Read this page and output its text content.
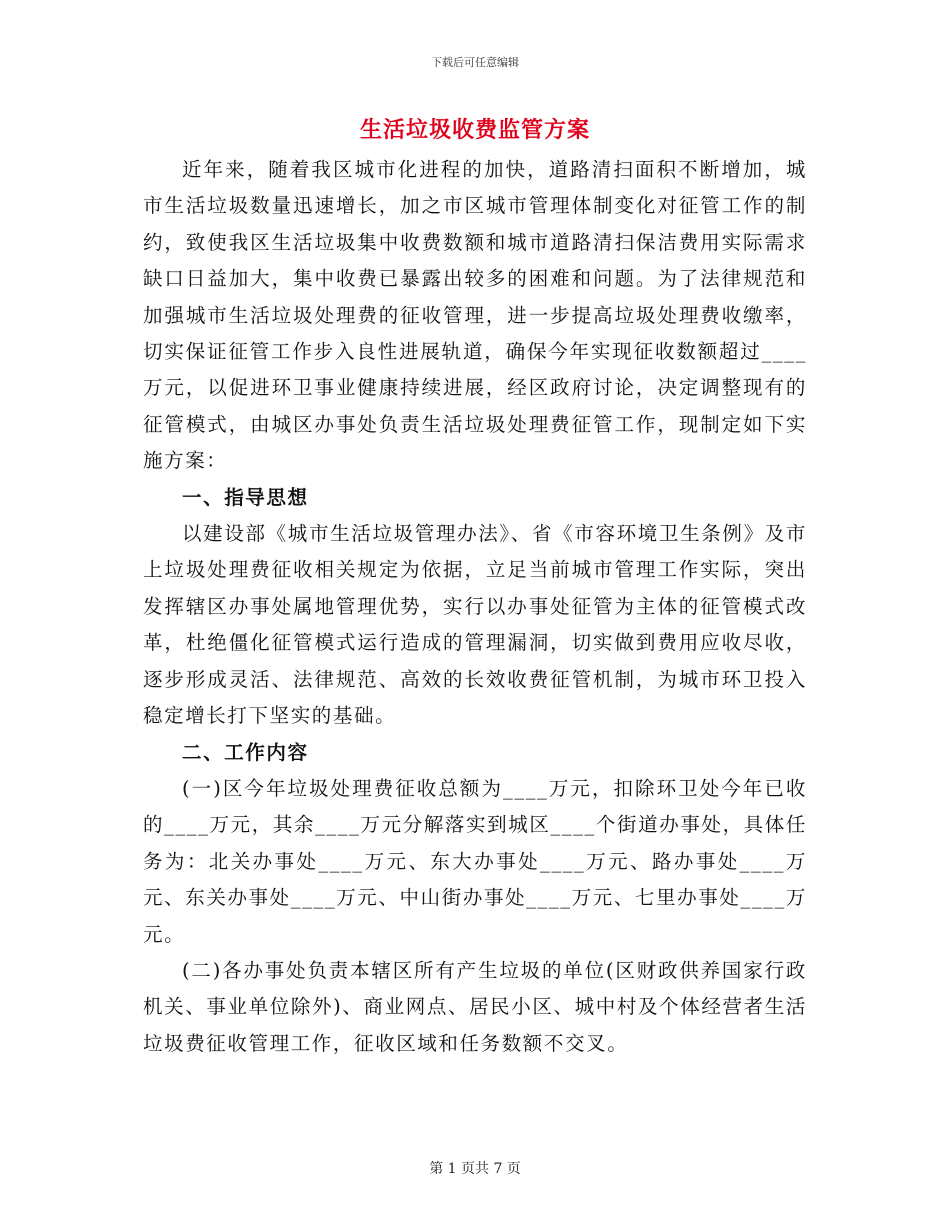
下载后可任意编辑
生活垃圾收费监管方案

近年来，随着我区城市化进程的加快，道路清扫面积不断增加，城市生活垃圾数量迅速增长，加之市区城市管理体制变化对征管工作的制约，致使我区生活垃圾集中收费数额和城市道路清扫保洁费用实际需求缺口日益加大，集中收费已暴露出较多的困难和问题。为了法律规范和加强城市生活垃圾处理费的征收管理，进一步提高垃圾处理费收缴率，切实保证征管工作步入良性进展轨道，确保今年实现征收数额超过____万元，以促进环卫事业健康持续进展，经区政府讨论，决定调整现有的征管模式，由城区办事处负责生活垃圾处理费征管工作，现制定如下实施方案：

一、指导思想

以建设部《城市生活垃圾管理办法》、省《市容环境卫生条例》及市上垃圾处理费征收相关规定为依据，立足当前城市管理工作实际，突出发挥辖区办事处属地管理优势，实行以办事处征管为主体的征管模式改革，杜绝僵化征管模式运行造成的管理漏洞，切实做到费用应收尽收，逐步形成灵活、法律规范、高效的长效收费征管机制，为城市环卫投入稳定增长打下坚实的基础。

二、工作内容

(一)区今年垃圾处理费征收总额为____万元，扣除环卫处今年已收的____万元，其余____万元分解落实到城区____个街道办事处，具体任务为：北关办事处____万元、东大办事处____万元、路办事处____万元、东关办事处____万元、中山街办事处____万元、七里办事处____万元。

(二)各办事处负责本辖区所有产生垃圾的单位(区财政供养国家行政机关、事业单位除外)、商业网点、居民小区、城中村及个体经营者生活垃圾费征收管理工作，征收区域和任务数额不交叉。

第 1 页共 7 页
